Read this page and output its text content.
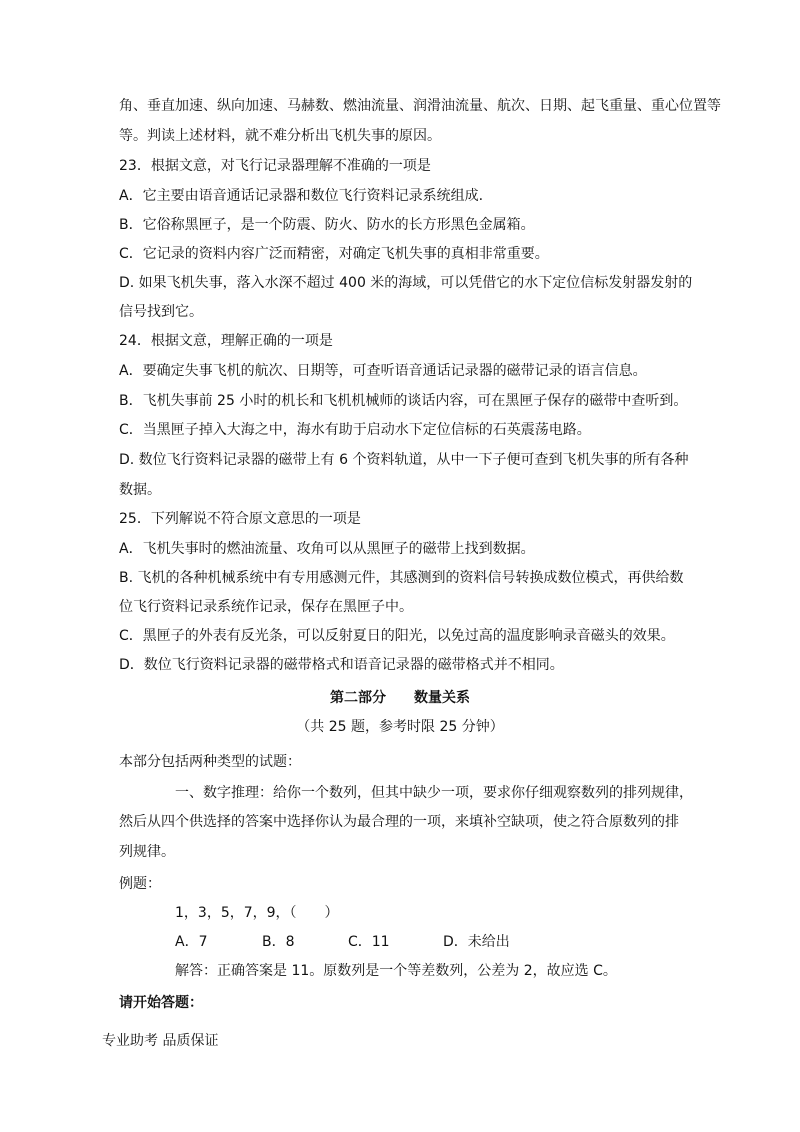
角、垂直加速、纵向加速、马赫数、燃油流量、润滑油流量、航次、日期、起飞重量、重心位置等
等。判读上述材料，就不难分析出飞机失事的原因。
23．根据文意，对飞行记录器理解不准确的一项是
A．它主要由语音通话记录器和数位飞行资料记录系统组成.
B．它俗称黑匣子，是一个防震、防火、防水的长方形黑色金属箱。
C．它记录的资料内容广泛而精密，对确定飞机失事的真相非常重要。
D. 如果飞机失事，落入水深不超过 400 米的海域，可以凭借它的水下定位信标发射器发射的
信号找到它。
24．根据文意，理解正确的一项是
A．要确定失事飞机的航次、日期等，可查听语音通话记录器的磁带记录的语言信息。
B．飞机失事前 25 小时的机长和飞机机械师的谈话内容，可在黑匣子保存的磁带中查听到。
C．当黑匣子掉入大海之中，海水有助于启动水下定位信标的石英震荡电路。
D. 数位飞行资料记录器的磁带上有 6 个资料轨道，从中一下子便可查到飞机失事的所有各种
数据。
25．下列解说不符合原文意思的一项是
A．飞机失事时的燃油流量、攻角可以从黑匣子的磁带上找到数据。
B. 飞机的各种机械系统中有专用感测元件，其感测到的资料信号转换成数位模式，再供给数
位飞行资料记录系统作记录，保存在黑匣子中。
C．黑匣子的外表有反光条，可以反射夏日的阳光，以免过高的温度影响录音磁头的效果。
D．数位飞行资料记录器的磁带格式和语音记录器的磁带格式并不相同。
第二部分　　数量关系
（共 25 题，参考时限 25 分钟）
本部分包括两种类型的试题：
一、数字推理：给你一个数列，但其中缺少一项，要求你仔细观察数列的排列规律，
然后从四个供选择的答案中选择你认为最合理的一项，来填补空缺项，使之符合原数列的排
列规律。
例题：
1，3，5，7，9，（　　）
A．7	B．8	C．11	D．未给出
解答：正确答案是 11。原数列是一个等差数列，公差为 2，故应选 C。
请开始答题：
专业助考 品质保证
